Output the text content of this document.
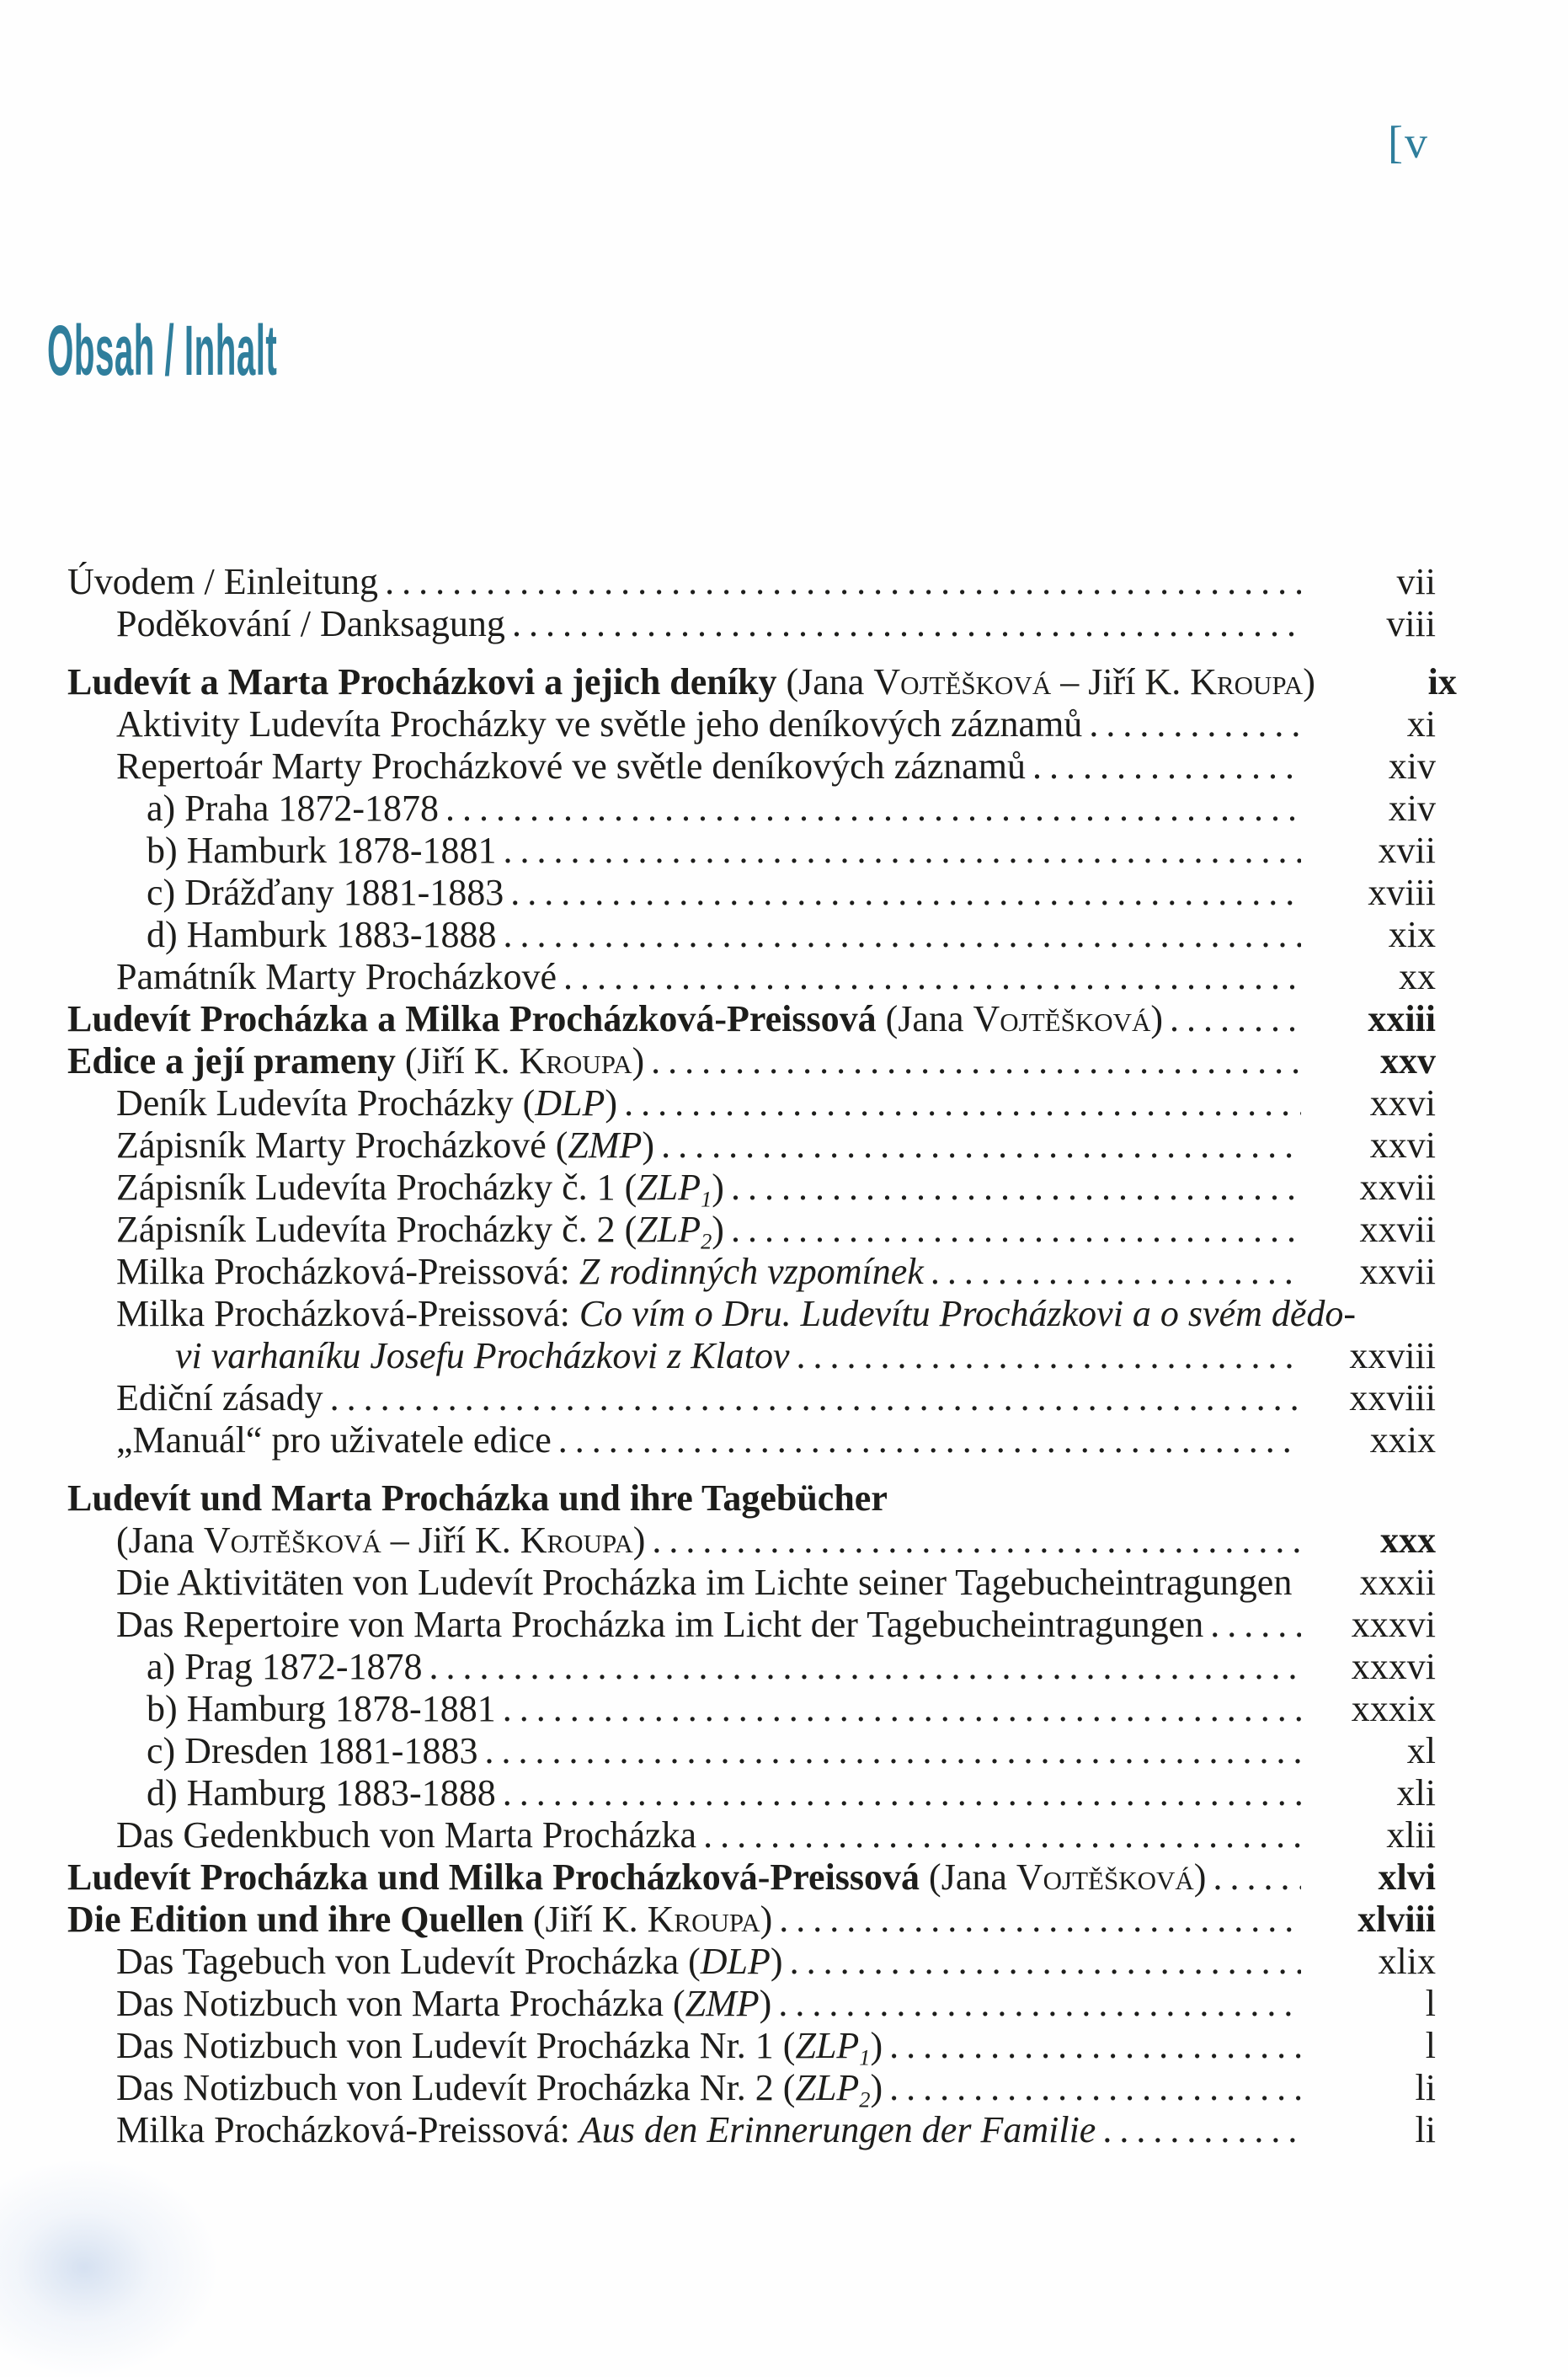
[v
Obsah / Inhalt
Úvodem / Einleitung . . .	vii
Poděkování / Danksagung . . .	viii
Ludevít a Marta Procházkovi a jejich deníky (Jana Vojtěšková – Jiří K. Kroupa)	ix
Aktivity Ludevíta Procházky ve světle jeho deníkových záznamů . . .	xi
Repertoár Marty Procházkové ve světle deníkových záznamů . . .	xiv
a) Praha 1872-1878 . . .	xiv
b) Hamburk 1878-1881 . . .	xvii
c) Drážďany 1881-1883 . . .	xviii
d) Hamburk 1883-1888 . . .	xix
Památník Marty Procházkové . . .	xx
Ludevít Procházka a Milka Procházková-Preissová (Jana Vojtěšková) . . .	xxiii
Edice a její prameny (Jiří K. Kroupa) . . .	xxv
Deník Ludevíta Procházky (DLP) . . .	xxvi
Zápisník Marty Procházkové (ZMP) . . .	xxvi
Zápisník Ludevíta Procházky č. 1 (ZLP1) . . .	xxvii
Zápisník Ludevíta Procházky č. 2 (ZLP2) . . .	xxvii
Milka Procházková-Preissová: Z rodinných vzpomínek . . .	xxvii
Milka Procházková-Preissová: Co vím o Dru. Ludevítu Procházkovi a o svém dědo-
vi varhaníku Josefu Procházkovi z Klatov . . .	xxviii
Ediční zásady . . .	xxviii
„Manuál“ pro uživatele edice . . .	xxix
Ludevít und Marta Procházka und ihre Tagebücher
(Jana Vojtěšková – Jiří K. Kroupa) . . .	xxx
Die Aktivitäten von Ludevít Procházka im Lichte seiner Tagebucheintragungen . . .	xxxii
Das Repertoire von Marta Procházka im Licht der Tagebucheintragungen . . .	xxxvi
a) Prag 1872-1878 . . .	xxxvi
b) Hamburg 1878-1881 . . .	xxxix
c) Dresden 1881-1883 . . .	xl
d) Hamburg 1883-1888 . . .	xli
Das Gedenkbuch von Marta Procházka . . .	xlii
Ludevít Procházka und Milka Procházková-Preissová (Jana Vojtěšková) . . .	xlvi
Die Edition und ihre Quellen (Jiří K. Kroupa) . . .	xlviii
Das Tagebuch von Ludevít Procházka (DLP) . . .	xlix
Das Notizbuch von Marta Procházka (ZMP) . . .	l
Das Notizbuch von Ludevít Procházka Nr. 1 (ZLP1) . . .	l
Das Notizbuch von Ludevít Procházka Nr. 2 (ZLP2) . . .	li
Milka Procházková-Preissová: Aus den Erinnerungen der Familie . . .	li
